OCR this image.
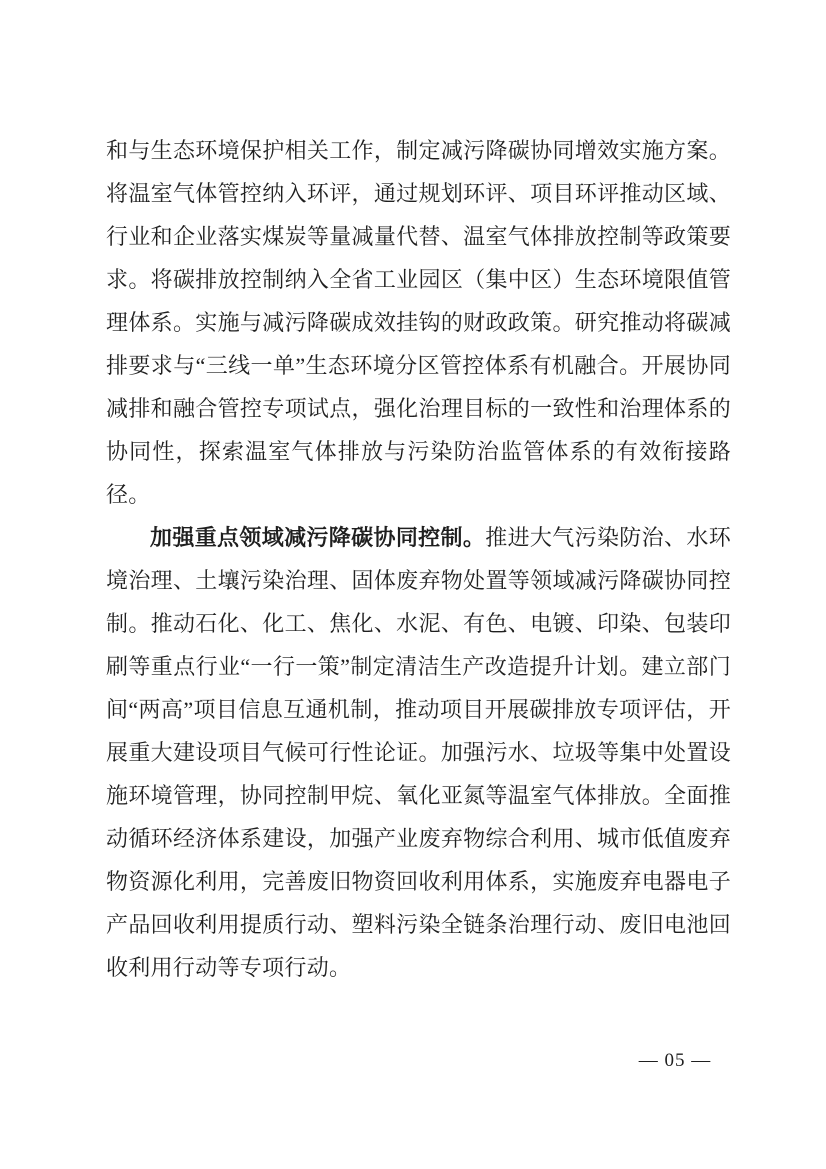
和与生态环境保护相关工作，制定减污降碳协同增效实施方案。将温室气体管控纳入环评，通过规划环评、项目环评推动区域、行业和企业落实煤炭等量减量代替、温室气体排放控制等政策要求。将碳排放控制纳入全省工业园区（集中区）生态环境限值管理体系。实施与减污降碳成效挂钩的财政政策。研究推动将碳减排要求与“三线一单”生态环境分区管控体系有机融合。开展协同减排和融合管控专项试点，强化治理目标的一致性和治理体系的协同性，探索温室气体排放与污染防治监管体系的有效衔接路径。

加强重点领域减污降碳协同控制。推进大气污染防治、水环境治理、土壤污染治理、固体废弃物处置等领域减污降碳协同控制。推动石化、化工、焦化、水泥、有色、电镀、印染、包装印刷等重点行业“一行一策”制定清洁生产改造提升计划。建立部门间“两高”项目信息互通机制，推动项目开展碳排放专项评估，开展重大建设项目气候可行性论证。加强污水、垃圾等集中处置设施环境管理，协同控制甲烷、氧化亚氮等温室气体排放。全面推动循环经济体系建设，加强产业废弃物综合利用、城市低值废弃物资源化利用，完善废旧物资回收利用体系，实施废弃电器电子产品回收利用提质行动、塑料污染全链条治理行动、废旧电池回收利用行动等专项行动。

— 05 —
